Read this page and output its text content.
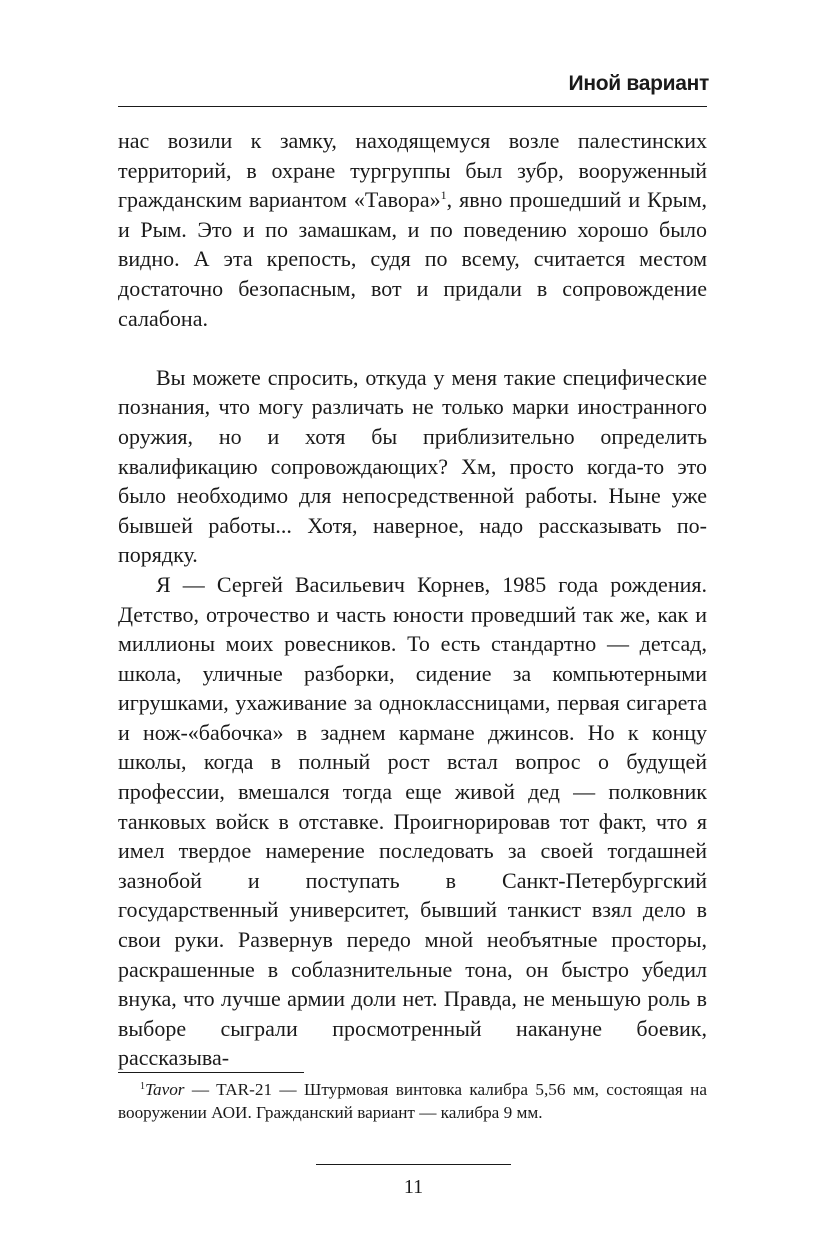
Иной вариант

нас возили к замку, находящемуся возле палестинских территорий, в охране тургруппы был зубр, вооруженный гражданским вариантом «Тавора»$^1$, явно прошедший и Крым, и Рым. Это и по замашкам, и по поведению хорошо было видно. А эта крепость, судя по всему, считается местом достаточно безопасным, вот и придали в сопровождение салабона.

Вы можете спросить, откуда у меня такие специфические познания, что могу различать не только марки иностранного оружия, но и хотя бы приблизительно определить квалификацию сопровождающих? Хм, просто когда-то это было необходимо для непосредственной работы. Ныне уже бывшей работы... Хотя, наверное, надо рассказывать по-порядку.

Я — Сергей Васильевич Корнев, 1985 года рождения. Детство, отрочество и часть юности проведший так же, как и миллионы моих ровесников. То есть стандартно — детсад, школа, уличные разборки, сидение за компьютерными игрушками, ухаживание за одноклассницами, первая сигарета и нож-«бабочка» в заднем кармане джинсов. Но к концу школы, когда в полный рост встал вопрос о будущей профессии, вмешался тогда еще живой дед — полковник танковых войск в отставке. Проигнорировав тот факт, что я имел твердое намерение последовать за своей тогдашней зазнобой и поступать в Санкт-Петербургский государственный университет, бывший танкист взял дело в свои руки. Развернув передо мной необъятные просторы, раскрашенные в соблазнительные тона, он быстро убедил внука, что лучше армии доли нет. Правда, не меньшую роль в выборе сыграли просмотренный накануне боевик, рассказыва-

$^1$Tavor — TAR-21 — Штурмовая винтовка калибра 5,56 мм, состоящая на вооружении АОИ. Гражданский вариант — калибра 9 мм.
11
